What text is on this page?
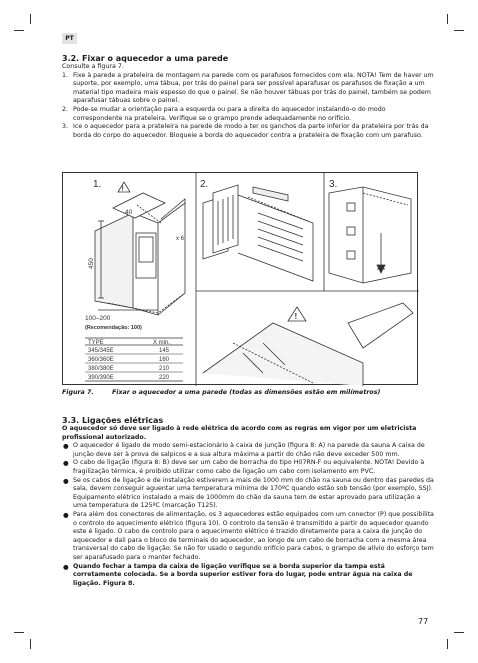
PT
3.2. Fixar o aquecedor a uma parede

Consulte a figura 7.

1. Fixe à parede a prateleira de montagem na parede com os parafusos fornecidos com ela. NOTA! Tem de haver um suporte, por exemplo, uma tábua, por trás do painel para ser possível aparafusar os parafusos de fixação a um material tipo madeira mais espesso do que o painel. Se não houver tábuas por trás do painel, também se podem aparafusar tábuas sobre o painel.
2. Pode-se mudar a orientação para a esquerda ou para a direita do aquecedor instalando-o do modo correspondente na prateleira. Verifique se o grampo prende adequadamente no orifício.
3. Ice o aquecedor para a prateleira na parede de modo a ter os ganchos da parte inferior da prateleira por trás da borda do corpo do aquecedor. Bloqueie a borda do aquecedor contra a prateleira de fixação com um parafuso.
1.	2.	3.
!
40
x 6
450
!
100–200
(Recomendação: 100)
TYPE	X min.
345/345E	145
360/360E	160
380/380E	210
390/390E	220
Figura 7.	Fixar o aquecedor a uma parede (todas as dimensões estão em milímetros)
3.3. Ligações elétricas

O aquecedor só deve ser ligado à rede elétrica de acordo com as regras em vigor por um eletricista profissional autorizado.

● O aquecedor é ligado de modo semi-estacionário à caixa de junção (figura 8: A) na parede da sauna A caixa de junção deve ser à prova de salpicos e a sua altura máxima a partir do chão não deve exceder 500 mm.
● O cabo de ligação (figura 8: B) deve ser um cabo de borracha do tipo H07RN-F ou equivalente. NOTA! Devido à fragilização térmica, é proibido utilizar como cabo de ligação um cabo com isolamento em PVC.
● Se os cabos de ligação e de instalação estiverem a mais de 1000 mm do chão na sauna ou dentro das paredes da sala, devem conseguir aguentar uma temperatura mínima de 170ºC quando estão sob tensão (por exemplo, SSJ). Equipamento elétrico instalado a mais de 1000mm do chão da sauna tem de estar aprovado para utilização a uma temperatura de 125ºC (marcação T125).
● Para além dos conectores de alimentação, os 3 aquecedores estão equipados com um conector (P) que possibilita o controlo do aquecimento elétrico (figura 10). O controlo da tensão é transmitido a partir do aquecedor quando este é ligado. O cabo de controlo para o aquecimento elétrico é trazido diretamente para a caixa de junção do aquecedor e dali para o bloco de terminais do aquecedor, ao longo de um cabo de borracha com a mesma área transversal do cabo de ligação. Se não for usado o segundo orifício para cabos, o grampo de alívio do esforço tem ser aparafusado para o manter fechado.
● Quando fechar a tampa da caixa de ligação verifique se a borda superior da tampa está corretamente colocada. Se a borda superior estiver fora do lugar, pode entrar água na caixa de ligação. Figura 8.
77
